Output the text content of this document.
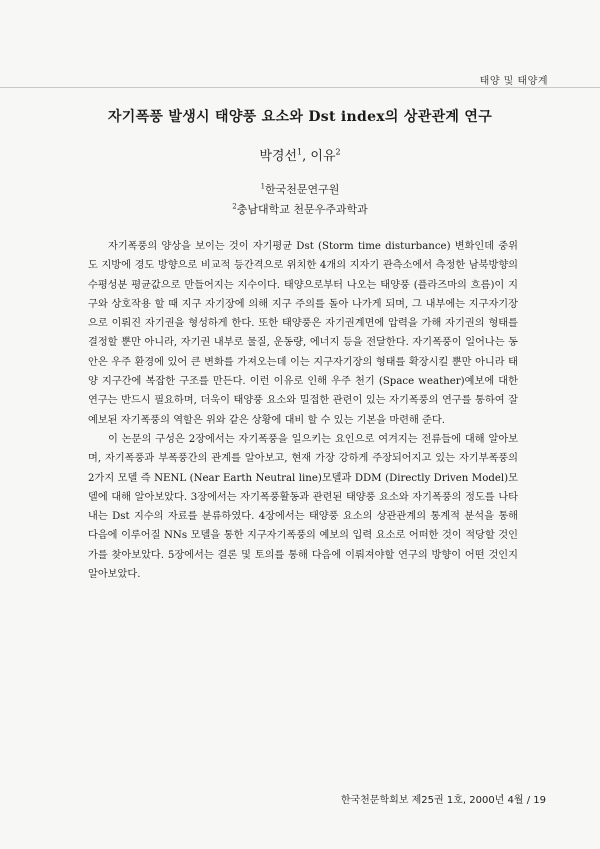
태양 및 태양계
자기폭풍 발생시 태양풍 요소와 Dst index의 상관관계 연구
박경선$^1$, 이유$^2$
$^1$한국천문연구원
$^2$충남대학교 천문우주과학과

자기폭풍의 양상을 보이는 것이 자기평균 Dst (Storm time disturbance) 변화인데 중위도 지방에 경도 방향으로 비교적 등간격으로 위치한 4개의 지자기 관측소에서 측정한 남북방향의 수평성분 평균값으로 만들어지는 지수이다. 태양으로부터 나오는 태양풍 (플라즈마의 흐름)이 지구와 상호작용 할 때 지구 자기장에 의해 지구 주의를 돌아 나가게 되며, 그 내부에는 지구자기장으로 이뤄진 자기권을 형성하게 한다. 또한 태양풍은 자기권계면에 압력을 가해 자기권의 형태를 결정할 뿐만 아니라, 자기권 내부로 물질, 운동량, 에너지 등을 전달한다. 자기폭풍이 일어나는 동안은 우주 환경에 있어 큰 변화를 가져오는데 이는 지구자기장의 형태를 확장시킬 뿐만 아니라 태양 지구간에 복잡한 구조를 만든다. 이런 이유로 인해 우주 천기 (Space weather)예보에 대한 연구는 반드시 필요하며, 더욱이 태양풍 요소와 밀접한 관련이 있는 자기폭풍의 연구를 통하여 잘 예보된 자기폭풍의 역할은 위와 같은 상황에 대비 할 수 있는 기본을 마련해 준다.

이 논문의 구성은 2장에서는 자기폭풍을 일으키는 요인으로 여겨지는 전류들에 대해 알아보며, 자기폭풍과 부폭풍간의 관계를 알아보고, 현재 가장 강하게 주장되어지고 있는 자기부폭풍의 2가지 모델 즉 NENL (Near Earth Neutral line)모델과 DDM (Directly Driven Model)모델에 대해 알아보았다. 3장에서는 자기폭풍활동과 관련된 태양풍 요소와 자기폭풍의 정도를 나타내는 Dst 지수의 자료를 분류하였다. 4장에서는 태양풍 요소의 상관관계의 통계적 분석을 통해 다음에 이루어질 NNs 모델을 통한 지구자기폭풍의 예보의 입력 요소로 어떠한 것이 적당할 것인가를 찾아보았다. 5장에서는 결론 및 토의를 통해 다음에 이뤄져야할 연구의 방향이 어떤 것인지 알아보았다.

한국천문학회보 제25권 1호, 2000년 4월 / 19
